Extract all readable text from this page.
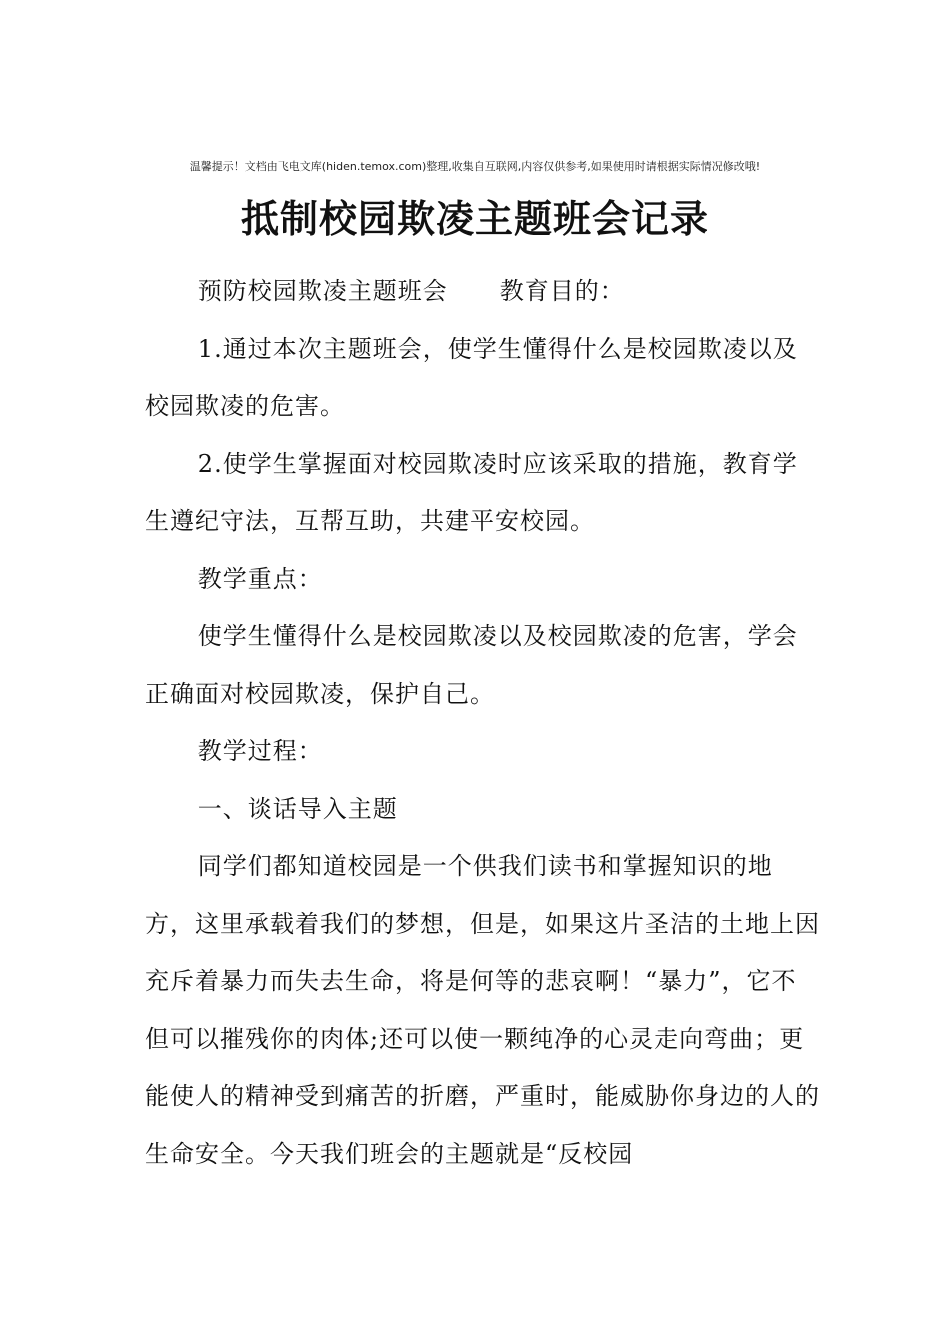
温馨提示！文档由飞电文库(hiden.temox.com)整理,收集自互联网,内容仅供参考,如果使用时请根据实际情况修改哦!
抵制校园欺凌主题班会记录

预防校园欺凌主题班会 教育目的：

1.通过本次主题班会，使学生懂得什么是校园欺凌以及校园欺凌的危害。

2.使学生掌握面对校园欺凌时应该采取的措施，教育学生遵纪守法，互帮互助，共建平安校园。

教学重点：

使学生懂得什么是校园欺凌以及校园欺凌的危害，学会正确面对校园欺凌，保护自己。

教学过程：

一、谈话导入主题

同学们都知道校园是一个供我们读书和掌握知识的地方，这里承载着我们的梦想，但是，如果这片圣洁的土地上因充斥着暴力而失去生命，将是何等的悲哀啊！“暴力”，它不但可以摧残你的肉体;还可以使一颗纯净的心灵走向弯曲；更能使人的精神受到痛苦的折磨，严重时，能威胁你身边的人的生命安全。今天我们班会的主题就是“反校园
